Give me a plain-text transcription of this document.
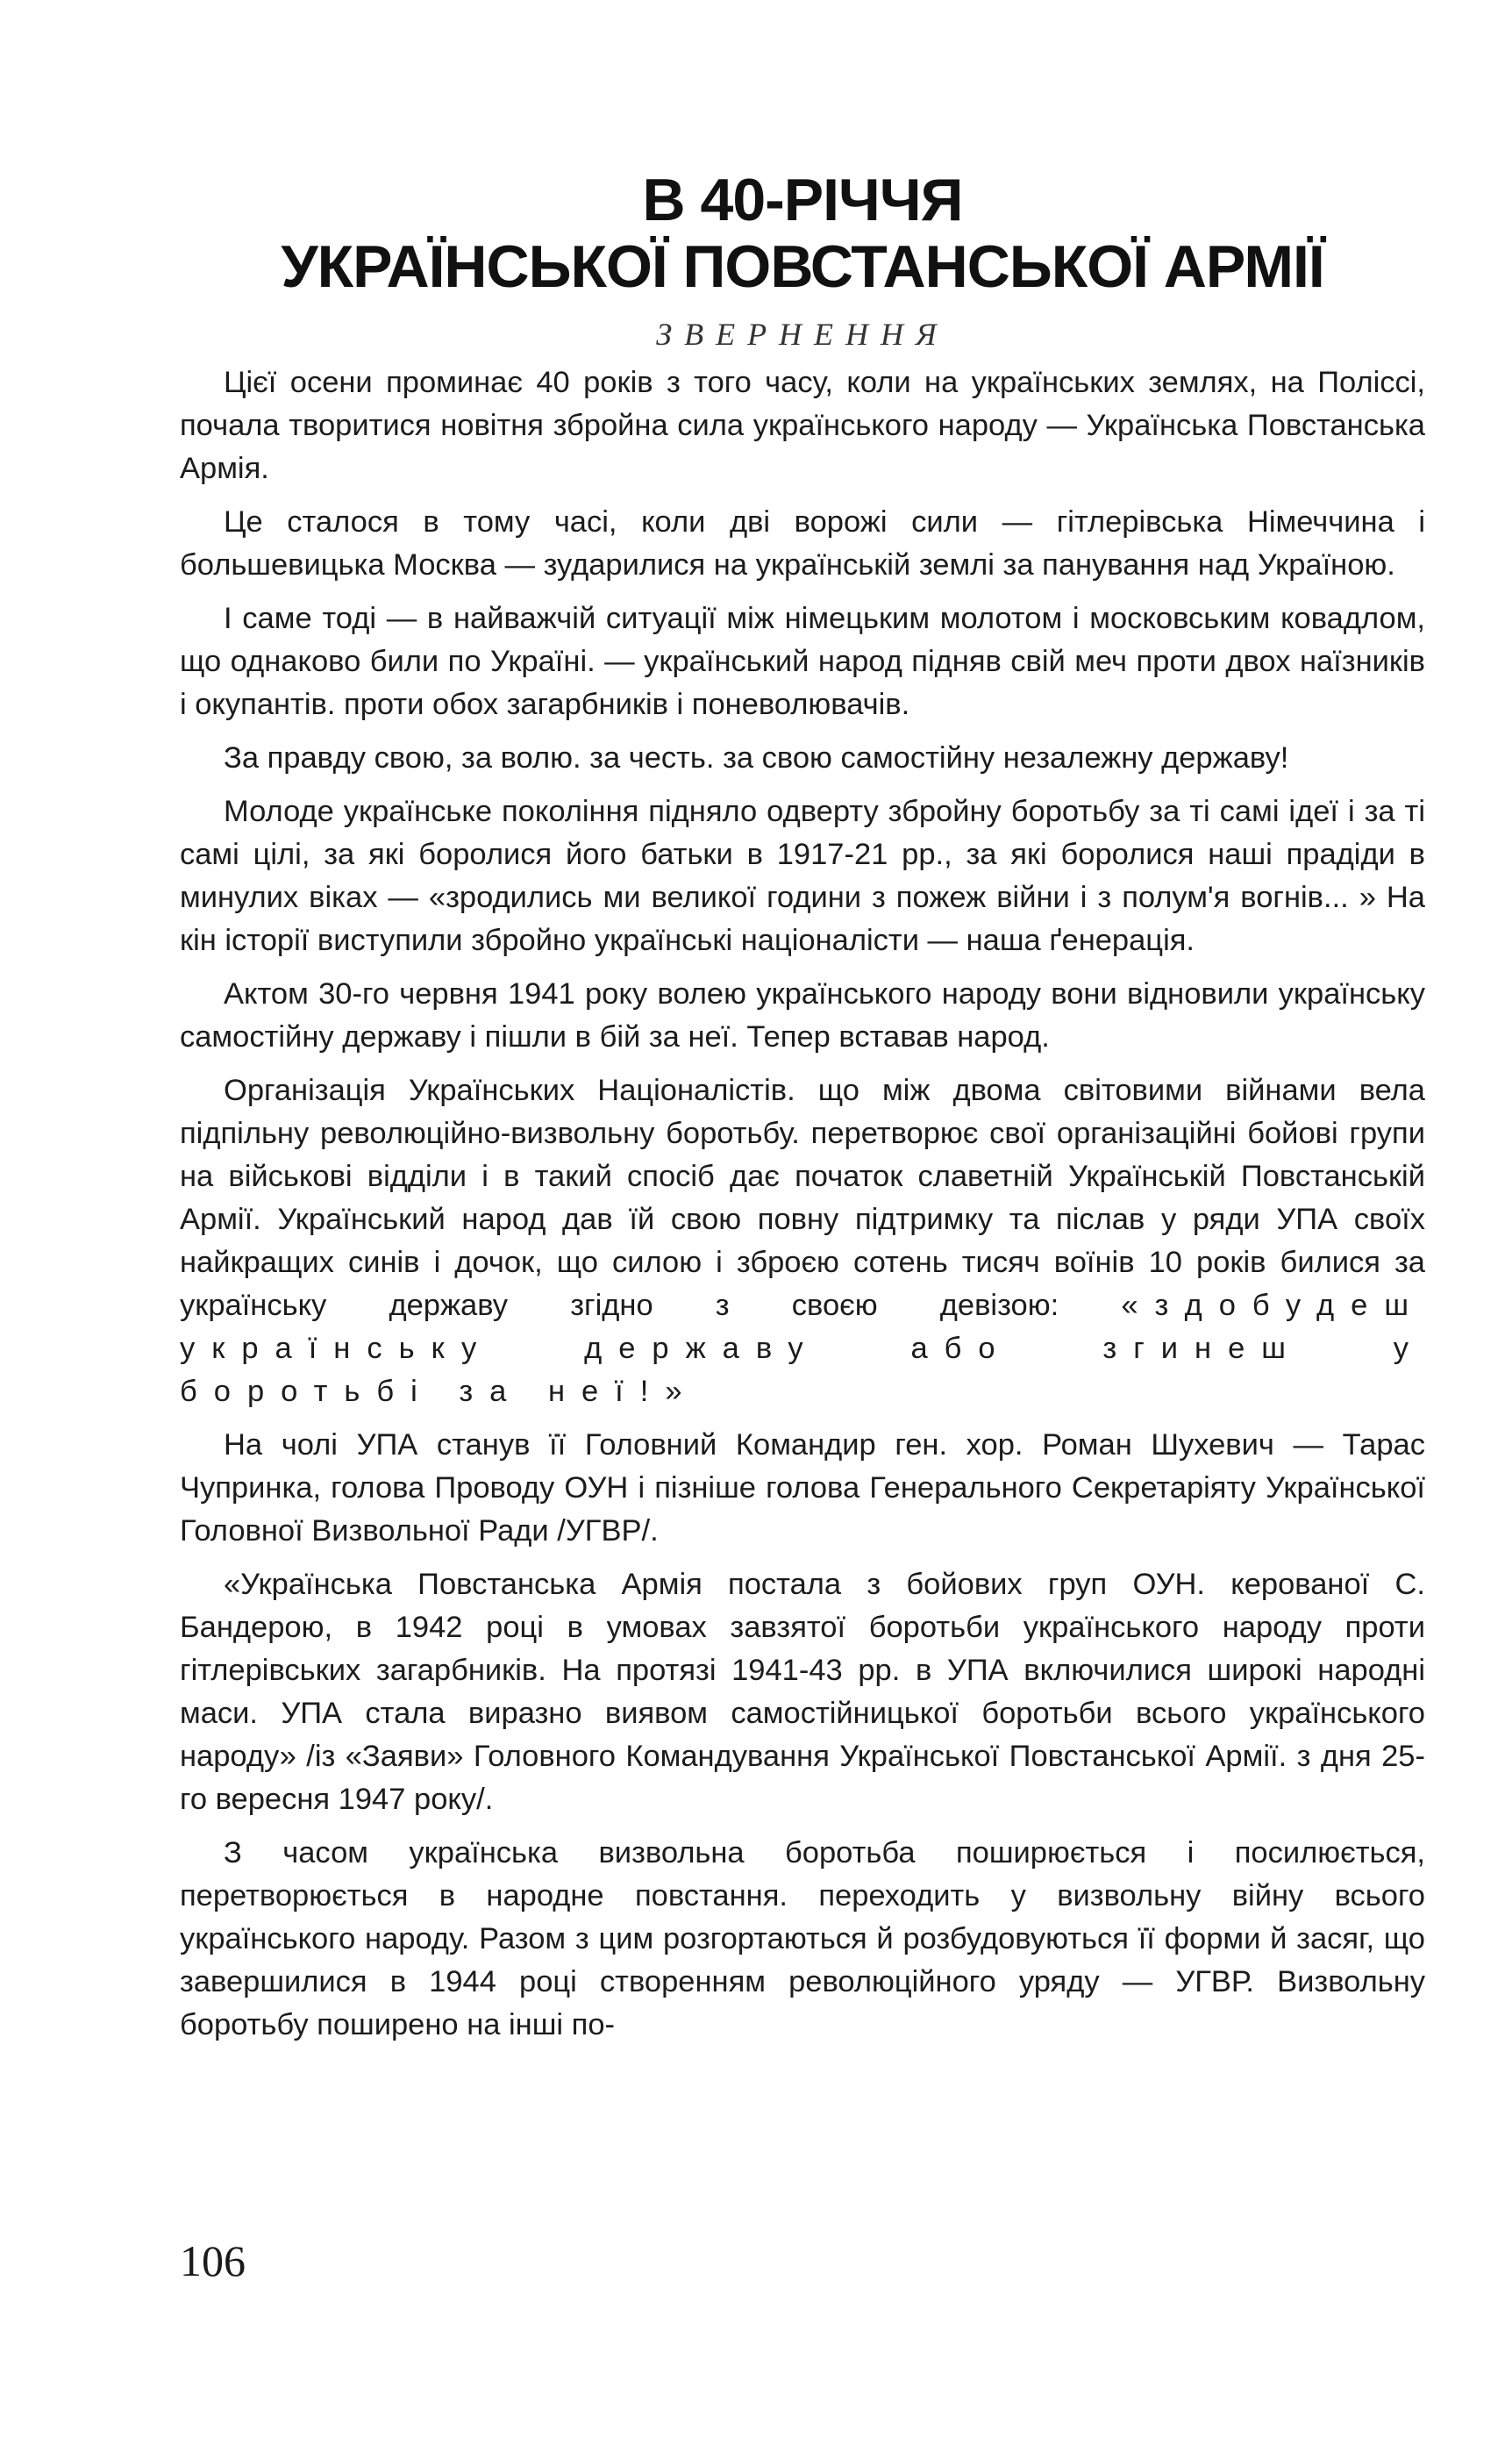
В 40-РІЧЧЯ
УКРАЇНСЬКОЇ ПОВСТАНСЬКОЇ АРМІЇ
ЗВЕРНЕННЯ

Цієї осени проминає 40 років з того часу, коли на українських землях, на Поліссі, почала творитися новітня збройна сила українського народу — Українська Повстанська Армія.

Це сталося в тому часі, коли дві ворожі сили — гітлерівська Німеччина і большевицька Москва — зударилися на українській землі за панування над Україною.

І саме тоді — в найважчій ситуації між німецьким молотом і московським ковадлом, що однаково били по Україні. — український народ підняв свій меч проти двох наїзників і окупантів. проти обох загарбників і поневолювачів.

За правду свою, за волю. за честь. за свою самостійну незалежну державу!

Молоде українське покоління підняло одверту збройну боротьбу за ті самі ідеї і за ті самі цілі, за які боролися його батьки в 1917-21 рр., за які боролися наші прадіди в минулих віках — «зродились ми великої години з пожеж війни і з полум'я вогнів... » На кін історії виступили збройно українські націоналісти — наша ґенерація.

Актом 30-го червня 1941 року волею українського народу вони відновили українську самостійну державу і пішли в бій за неї. Тепер вставав народ.

Організація Українських Націоналістів. що між двома світовими війнами вела підпільну революційно-визвольну боротьбу. перетворює свої організаційні бойові групи на військові відділи і в такий спосіб дає початок славетній Українській Повстанській Армії. Український народ дав їй свою повну підтримку та післав у ряди УПА своїх найкращих синів і дочок, що силою і зброєю сотень тисяч воїнів 10 років билися за українську державу згідно з своєю девізою: «здобудеш українську державу або згинеш у боротьбі за неї!»

На чолі УПА станув її Головний Командир ген. хор. Роман Шухевич — Тарас Чупринка, голова Проводу ОУН і пізніше голова Генерального Секретаріяту Української Головної Визвольної Ради /УГВР/.

«Українська Повстанська Армія постала з бойових груп ОУН. керованої С. Бандерою, в 1942 році в умовах завзятої боротьби українського народу проти гітлерівських загарбників. На протязі 1941-43 рр. в УПА включилися широкі народні маси. УПА стала виразно виявом самостійницької боротьби всього українського народу» /із «Заяви» Головного Командування Української Повстанської Армії. з дня 25-го вересня 1947 року/.

З часом українська визвольна боротьба поширюється і посилюється, перетворюється в народне повстання. переходить у визвольну війну всього українського народу. Разом з цим розгортаються й розбудовуються її форми й засяг, що завершилися в 1944 році створенням революційного уряду — УГВР. Визвольну боротьбу поширено на інші по-

106
